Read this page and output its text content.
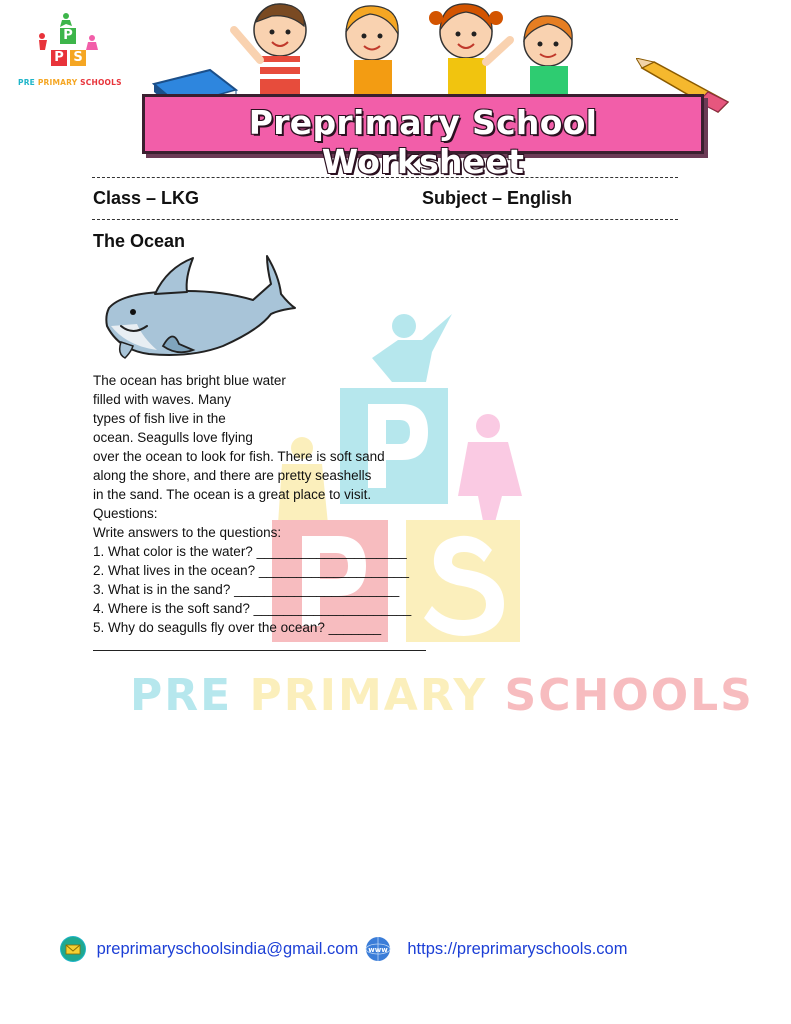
P
P S
PRE PRIMARY SCHOOLS
Preprimary School Worksheet
Class – LKG	Subject – English
PRE PRIMARY SCHOOLS
The Ocean
The ocean has bright blue water
filled with waves. Many
types of fish live in the
ocean. Seagulls love flying
over the ocean to look for fish. There is soft sand
along the shore, and there are pretty seashells
in the sand. The ocean is a great place to visit.
Questions:
Write answers to the questions:
1. What color is the water? ____________________
2. What lives in the ocean? ____________________
3. What is in the sand? ______________________
4. Where is the soft sand? _____________________
5. Why do seagulls fly over the ocean? _______
preprimaryschoolsindia@gmail.com www https://preprimaryschools.com
